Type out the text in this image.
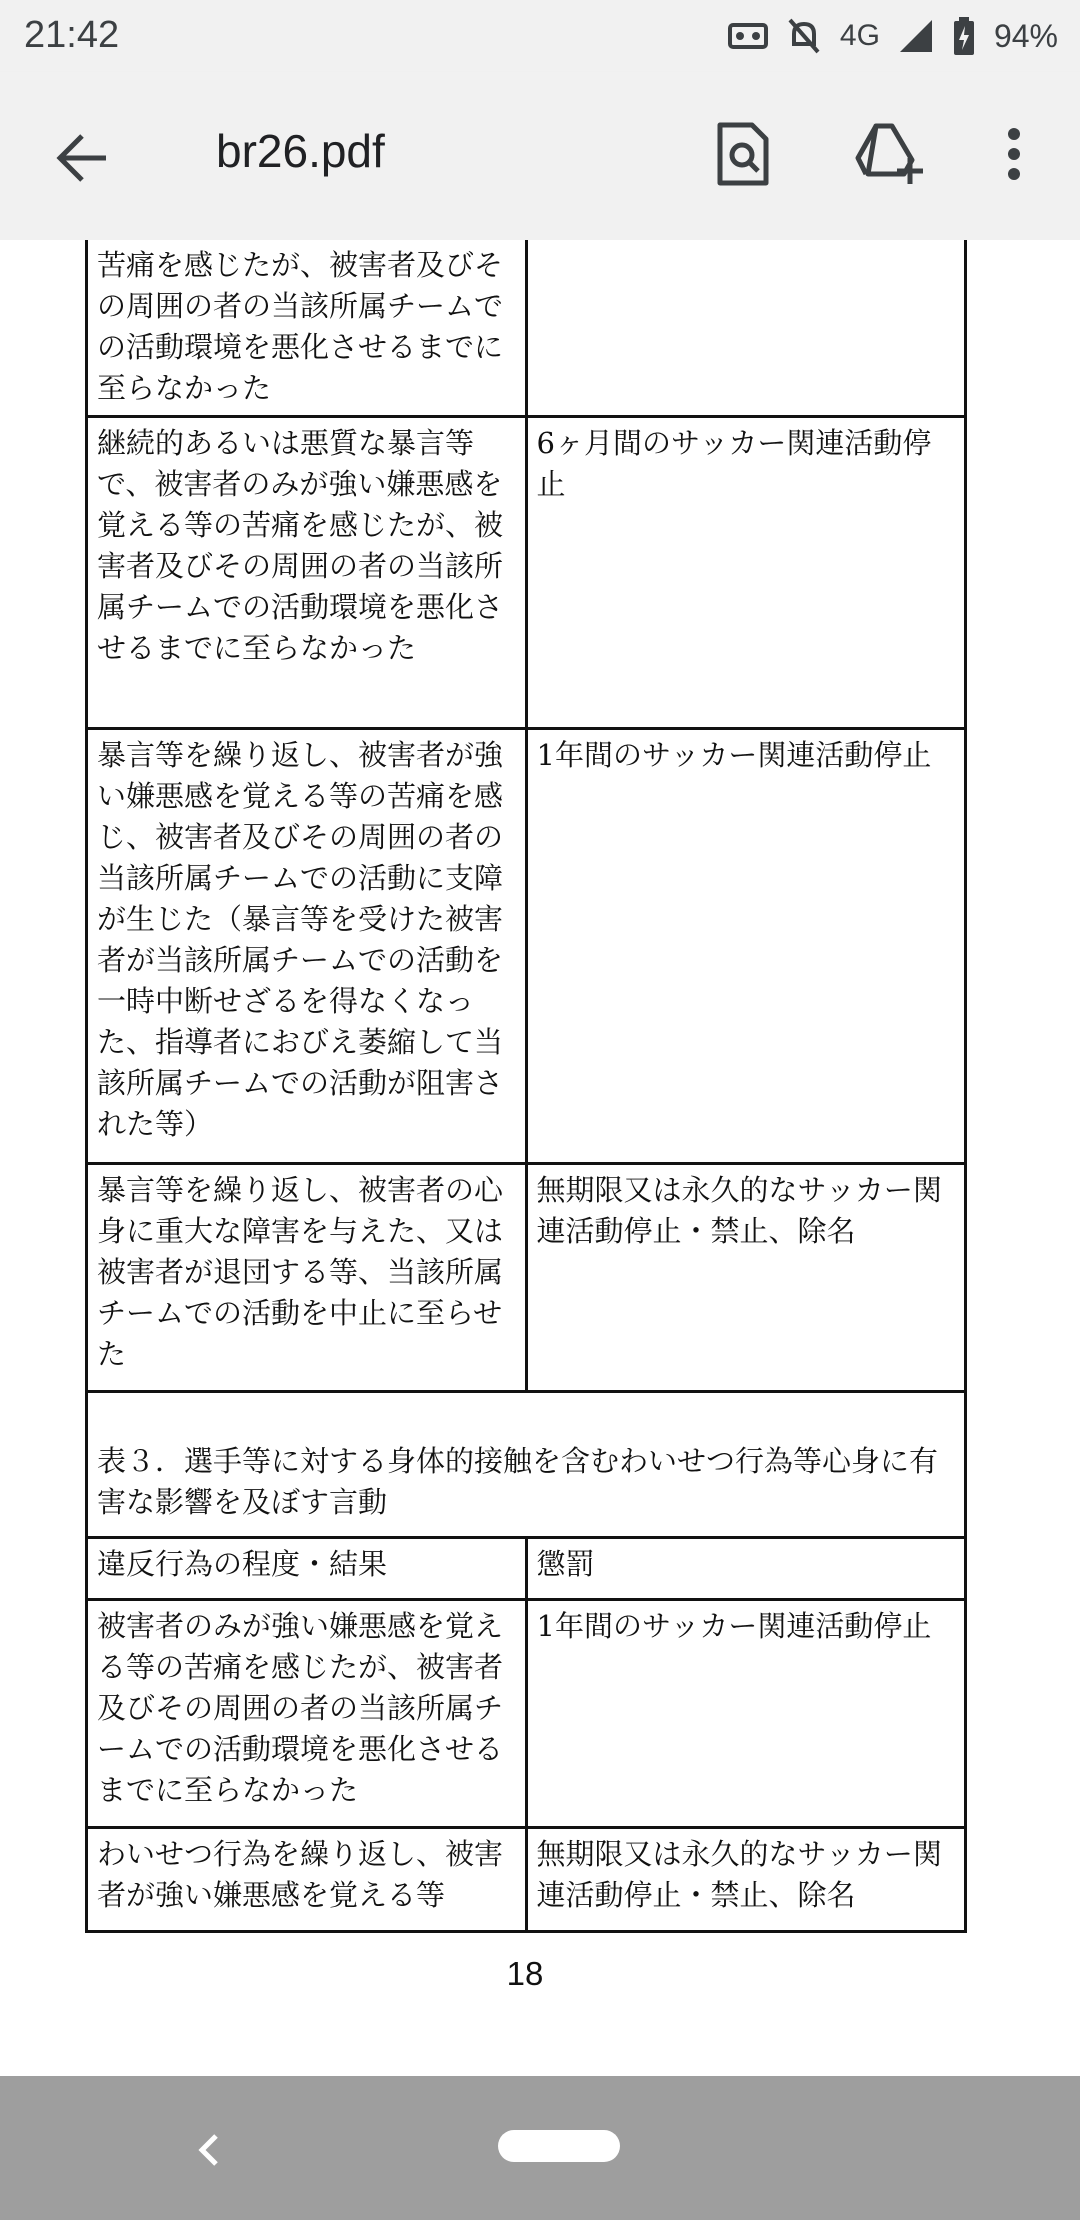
21:42	4G	94%
br26.pdf
苦痛を感じたが、被害者及びその周囲の者の当該所属チームでの活動環境を悪化させるまでに至らなかった	

継続的あるいは悪質な暴言等で、被害者のみが強い嫌悪感を覚える等の苦痛を感じたが、被害者及びその周囲の者の当該所属チームでの活動環境を悪化させるまでに至らなかった	6ヶ月間のサッカー関連活動停止

暴言等を繰り返し、被害者が強い嫌悪感を覚える等の苦痛を感じ、被害者及びその周囲の者の当該所属チームでの活動に支障が生じた（暴言等を受けた被害者が当該所属チームでの活動を一時中断せざるを得なくなった、指導者におびえ萎縮して当該所属チームでの活動が阻害された等）	1年間のサッカー関連活動停止

暴言等を繰り返し、被害者の心身に重大な障害を与えた、又は被害者が退団する等、当該所属チームでの活動を中止に至らせた	無期限又は永久的なサッカー関連活動停止・禁止、除名

表３．選手等に対する身体的接触を含むわいせつ行為等心身に有害な影響を及ぼす言動	

違反行為の程度・結果	懲罰

被害者のみが強い嫌悪感を覚える等の苦痛を感じたが、被害者及びその周囲の者の当該所属チームでの活動環境を悪化させるまでに至らなかった	1年間のサッカー関連活動停止

わいせつ行為を繰り返し、被害者が強い嫌悪感を覚える等	無期限又は永久的なサッカー関連活動停止・禁止、除名
18
